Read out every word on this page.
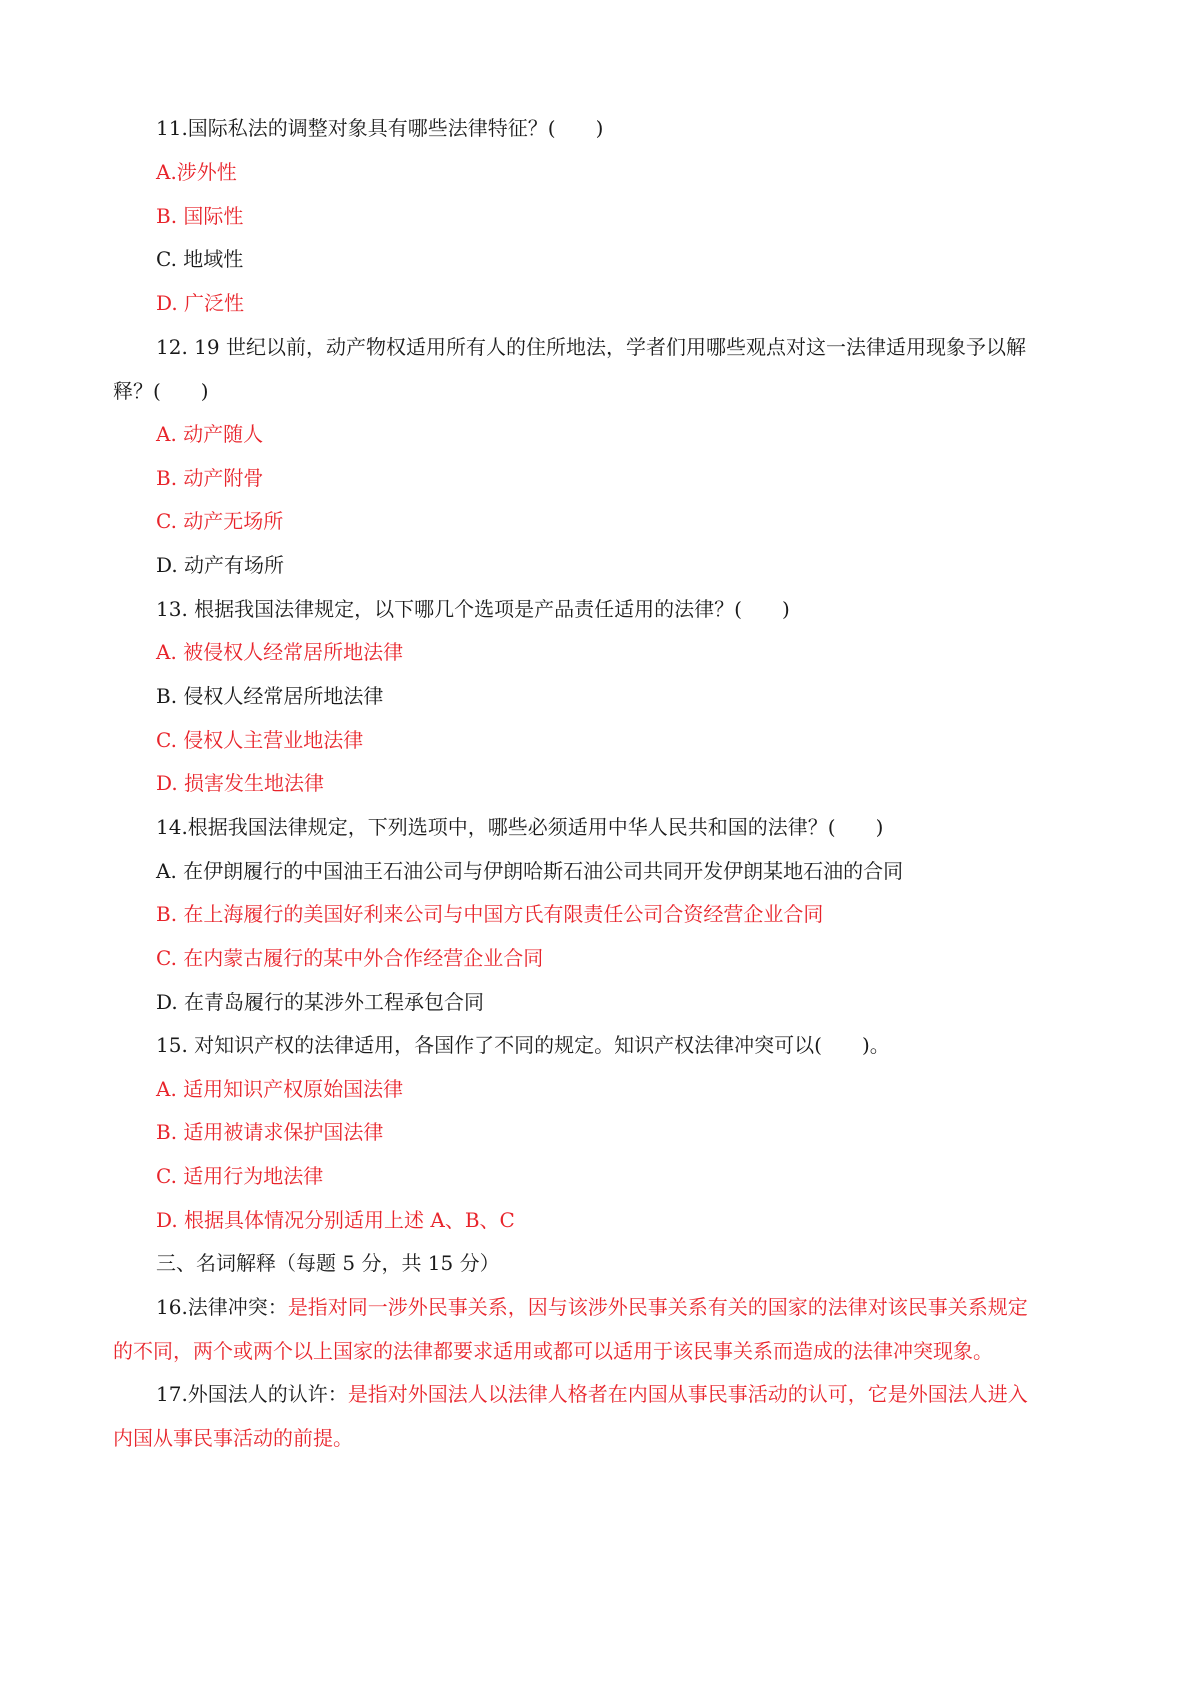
11.国际私法的调整对象具有哪些法律特征？(　　)
A.涉外性
B. 国际性
C. 地域性
D. 广泛性
12. 19 世纪以前，动产物权适用所有人的住所地法，学者们用哪些观点对这一法律适用现象予以解
释？(　　)
A. 动产随人
B. 动产附骨
C. 动产无场所
D. 动产有场所
13. 根据我国法律规定，以下哪几个选项是产品责任适用的法律？(　　)
A. 被侵权人经常居所地法律
B. 侵权人经常居所地法律
C. 侵权人主营业地法律
D. 损害发生地法律
14.根据我国法律规定，下列选项中，哪些必须适用中华人民共和国的法律？(　　)
A. 在伊朗履行的中国油王石油公司与伊朗哈斯石油公司共同开发伊朗某地石油的合同
B. 在上海履行的美国好利来公司与中国方氏有限责任公司合资经营企业合同
C. 在内蒙古履行的某中外合作经营企业合同
D. 在青岛履行的某涉外工程承包合同
15. 对知识产权的法律适用，各国作了不同的规定。知识产权法律冲突可以(　　)。
A. 适用知识产权原始国法律
B. 适用被请求保护国法律
C. 适用行为地法律
D. 根据具体情况分别适用上述 A、B、C
三、名词解释（每题 5 分，共 15 分）
16.法律冲突：是指对同一涉外民事关系，因与该涉外民事关系有关的国家的法律对该民事关系规定
的不同，两个或两个以上国家的法律都要求适用或都可以适用于该民事关系而造成的法律冲突现象。
17.外国法人的认许：是指对外国法人以法律人格者在内国从事民事活动的认可，它是外国法人进入
内国从事民事活动的前提。
